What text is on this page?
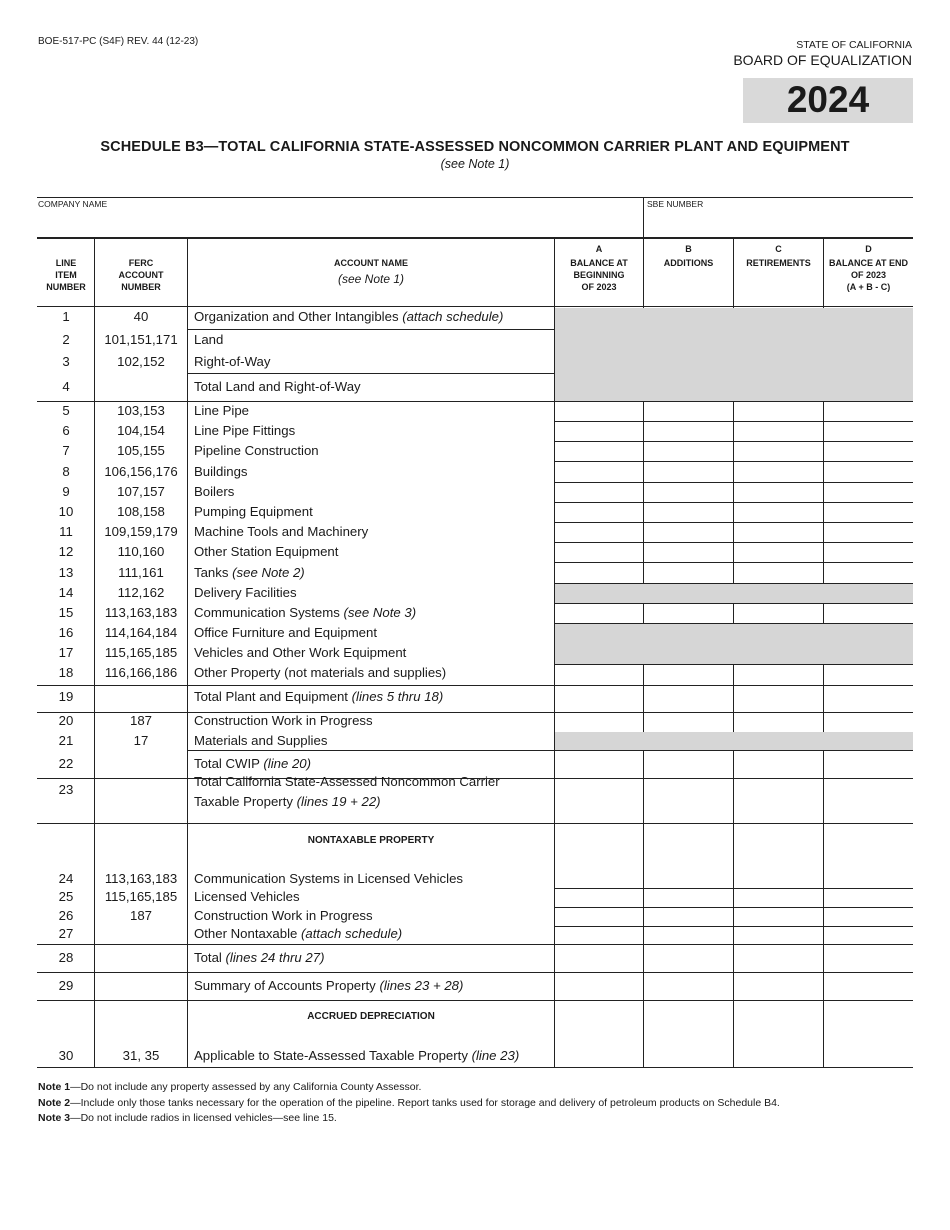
BOE-517-PC (S4F) REV. 44 (12-23)	STATE OF CALIFORNIA
BOARD OF EQUALIZATION
2024
SCHEDULE B3—TOTAL CALIFORNIA STATE-ASSESSED NONCOMMON CARRIER PLANT AND EQUIPMENT
(see Note 1)
COMPANY NAME	SBE NUMBER
LINE
ITEM
NUMBER
FERC
ACCOUNT
NUMBER
ACCOUNT NAME
(see Note 1)
A
BALANCE AT
BEGINNING
OF 2023
B
ADDITIONS
C
RETIREMENTS
D
BALANCE AT END
OF 2023
(A + B - C)
1	40	Organization and Other Intangibles (attach schedule)
2	101,151,171	Land
3	102,152	Right-of-Way
4	Total Land and Right-of-Way
5	103,153	Line Pipe
6	104,154	Line Pipe Fittings
7	105,155	Pipeline Construction
8	106,156,176	Buildings
9	107,157	Boilers
10	108,158	Pumping Equipment
11	109,159,179	Machine Tools and Machinery
12	110,160	Other Station Equipment
13	111,161	Tanks (see Note 2)
14	112,162	Delivery Facilities
15	113,163,183	Communication Systems (see Note 3)
16	114,164,184	Office Furniture and Equipment
17	115,165,185	Vehicles and Other Work Equipment
18	116,166,186	Other Property (not materials and supplies)
19	Total Plant and Equipment (lines 5 thru 18)
20	187	Construction Work in Progress
21	17	Materials and Supplies
22	Total CWIP (line 20)
23
Total California State-Assessed Noncommon Carrier
Taxable Property (lines 19 + 22)
24	113,163,183	Communication Systems in Licensed Vehicles
25	115,165,185	Licensed Vehicles
26	187	Construction Work in Progress
27	Other Nontaxable (attach schedule)
28	Total (lines 24 thru 27)
29	Summary of Accounts Property (lines 23 + 28)
30	31, 35	Applicable to State-Assessed Taxable Property (line 23)
NONTAXABLE PROPERTY
ACCRUED DEPRECIATION
Note 1—Do not include any property assessed by any California County Assessor.
Note 2—Include only those tanks necessary for the operation of the pipeline. Report tanks used for storage and delivery of petroleum products on Schedule B4.
Note 3—Do not include radios in licensed vehicles—see line 15.
